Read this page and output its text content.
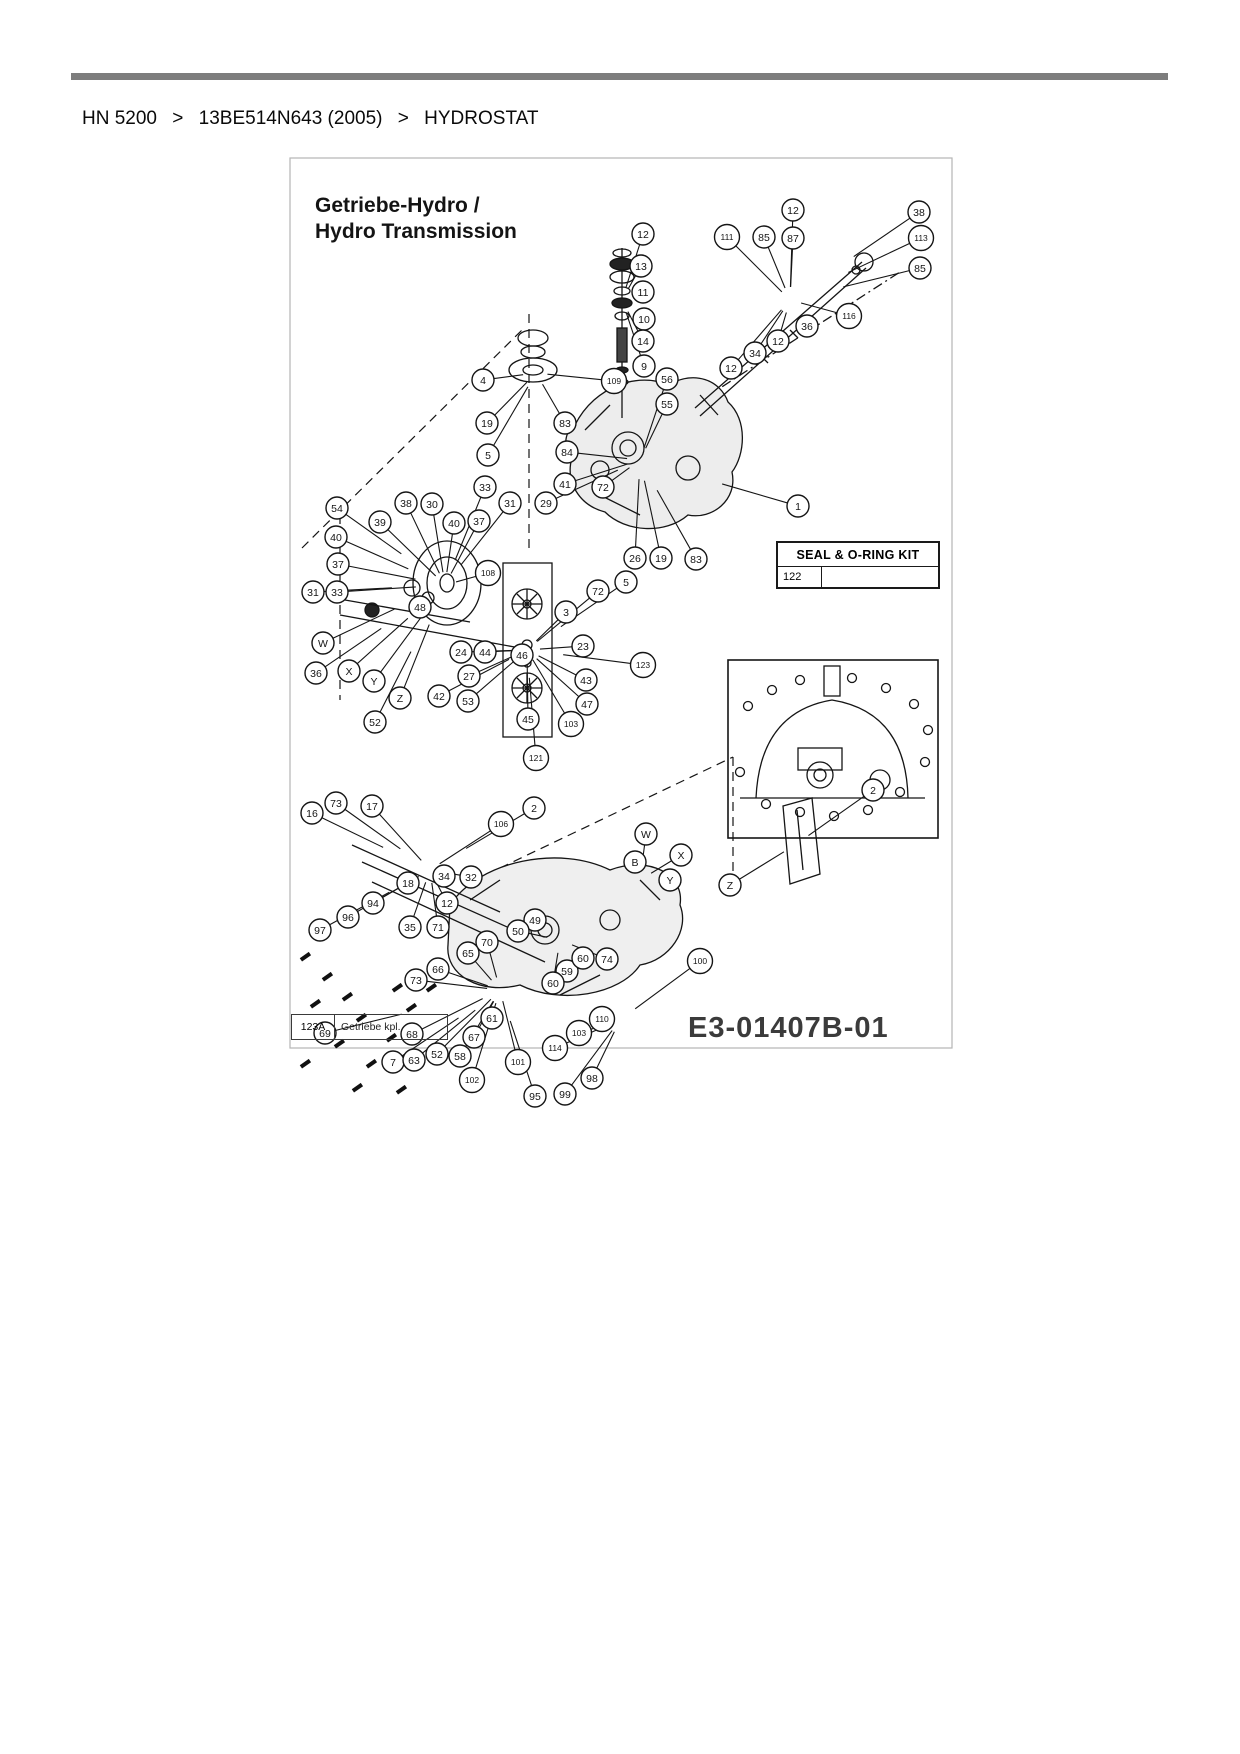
HN 5200 > 13BE514N643 (2005) > HYDROSTAT
12	38
87	113
85
111 85
116
36
12
34
12
12
13
11
10
14
9
109	56
55
4
19
5
33
83
84
41
31 29
72
1
26 19 83
5
72
54	38 30
39
40
40 37
37
31 33
108
48	3
W
24 44 46
36 X
Y
Z
27
42 53
52
23
43
47
103
45
123
121
16
73 17
106
2
W
B
X
Y	Z
2
94
96
97
18
34 32
12
35 71
49
50
70
65
66
73
59
60 74
60
61	110
103
114
100
67
69	68
7 63 52 58
102
101
95 99
98
Getriebe-Hydro /
Hydro Transmission
SEAL & O-RING KIT
122
123A	Getriebe kpl.	E3-01407B-01
